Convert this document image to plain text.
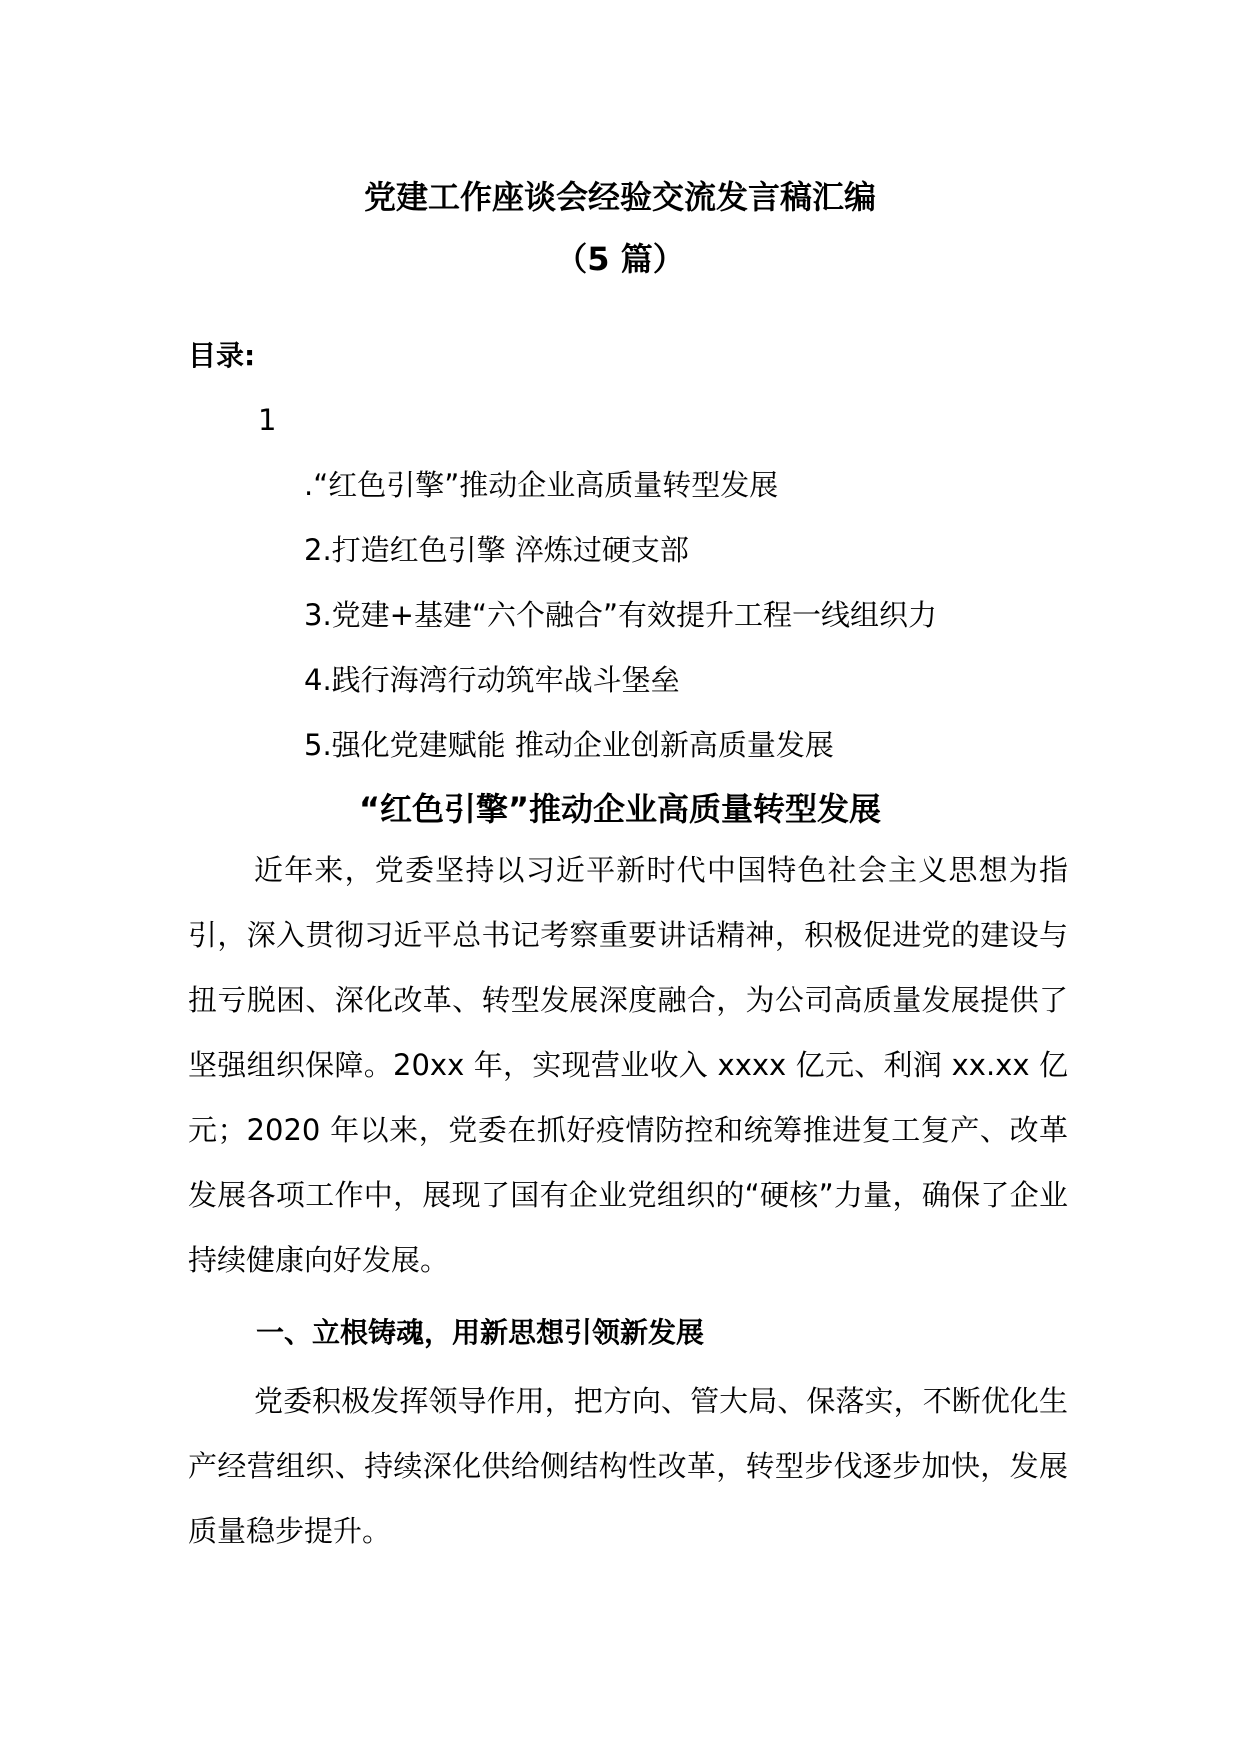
党建工作座谈会经验交流发言稿汇编
（5 篇）
目录:
1
.“红色引擎”推动企业高质量转型发展
2.打造红色引擎 淬炼过硬支部
3.党建+基建“六个融合”有效提升工程一线组织力
4.践行海湾行动筑牢战斗堡垒
5.强化党建赋能 推动企业创新高质量发展
“红色引擎”推动企业高质量转型发展
近年来，党委坚持以习近平新时代中国特色社会主义思想为指引，深入贯彻习近平总书记考察重要讲话精神，积极促进党的建设与扭亏脱困、深化改革、转型发展深度融合，为公司高质量发展提供了坚强组织保障。20xx 年，实现营业收入 xxxx 亿元、利润 xx.xx 亿元；2020 年以来，党委在抓好疫情防控和统筹推进复工复产、改革发展各项工作中，展现了国有企业党组织的“硬核”力量，确保了企业持续健康向好发展。
一、立根铸魂，用新思想引领新发展
党委积极发挥领导作用，把方向、管大局、保落实，不断优化生产经营组织、持续深化供给侧结构性改革，转型步伐逐步加快，发展质量稳步提升。
